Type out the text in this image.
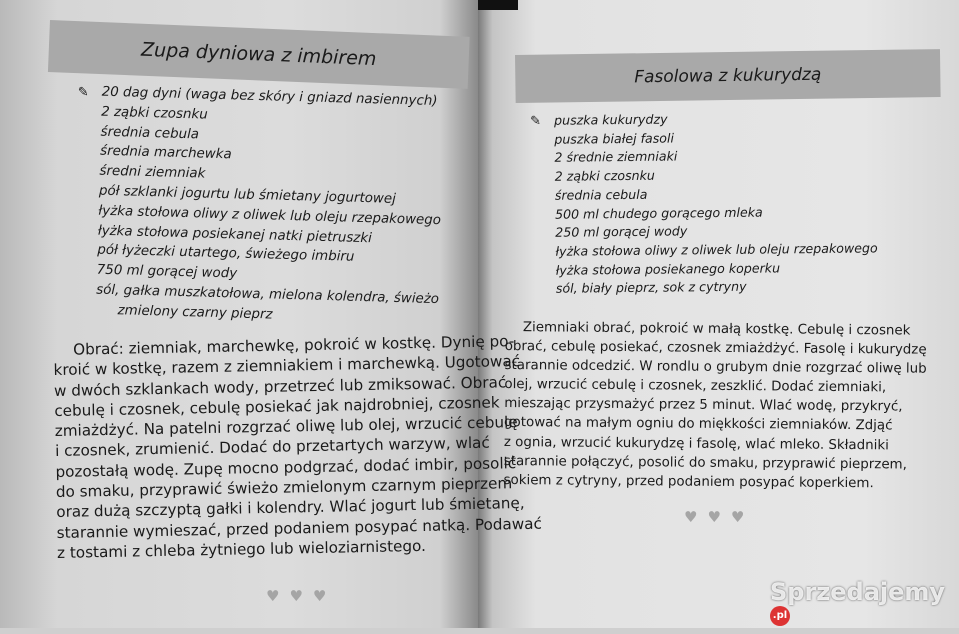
Zupa dyniowa z imbirem
✎ 20 dag dyni (waga bez skóry i gniazd nasiennych)
2 ząbki czosnku
średnia cebula
średnia marchewka
średni ziemniak
pół szklanki jogurtu lub śmietany jogurtowej
łyżka stołowa oliwy z oliwek lub oleju rzepakowego
łyżka stołowa posiekanej natki pietruszki
pół łyżeczki utartego, świeżego imbiru
750 ml gorącej wody
sól, gałka muszkatołowa, mielona kolendra, świeżo
zmielony czarny pieprz
Obrać: ziemniak, marchewkę, pokroić w kostkę. Dynię po-
kroić w kostkę, razem z ziemniakiem i marchewką. Ugotować
w dwóch szklankach wody, przetrzeć lub zmiksować. Obrać
cebulę i czosnek, cebulę posiekać jak najdrobniej, czosnek
zmiażdżyć. Na patelni rozgrzać oliwę lub olej, wrzucić cebulę
i czosnek, zrumienić. Dodać do przetartych warzyw, wlać
pozostałą wodę. Zupę mocno podgrzać, dodać imbir, posolić
do smaku, przyprawić świeżo zmielonym czarnym pieprzem
oraz dużą szczyptą gałki i kolendry. Wlać jogurt lub śmietanę,
starannie wymieszać, przed podaniem posypać natką. Podawać
z tostami z chleba żytniego lub wieloziarnistego.
♥♥♥
Fasolowa z kukurydzą
✎	puszka kukurydzy
puszka białej fasoli
2 średnie ziemniaki
2 ząbki czosnku
średnia cebula
500 ml chudego gorącego mleka
250 ml gorącej wody
łyżka stołowa oliwy z oliwek lub oleju rzepakowego
łyżka stołowa posiekanego koperku
sól, biały pieprz, sok z cytryny
Ziemniaki obrać, pokroić w małą kostkę. Cebulę i czosnek
obrać, cebulę posiekać, czosnek zmiażdżyć. Fasolę i kukurydzę
starannie odcedzić. W rondlu o grubym dnie rozgrzać oliwę lub
olej, wrzucić cebulę i czosnek, zeszklić. Dodać ziemniaki,
mieszając przysmażyć przez 5 minut. Wlać wodę, przykryć,
gotować na małym ogniu do miękkości ziemniaków. Zdjąć
z ognia, wrzucić kukurydzę i fasolę, wlać mleko. Składniki
starannie połączyć, posolić do smaku, przyprawić pieprzem,
sokiem z cytryny, przed podaniem posypać koperkiem.
♥♥♥
Sprzedajemy.pl
